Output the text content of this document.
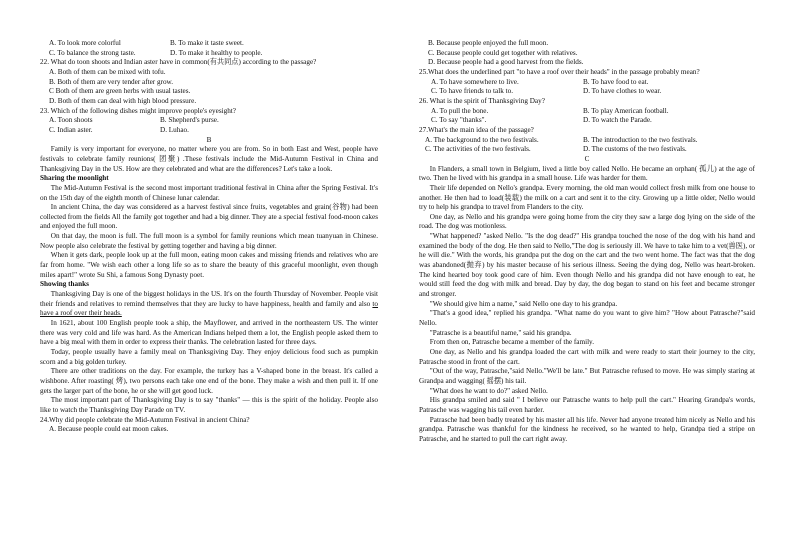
A. To look more colorful	B. To make it taste sweet.
C. To balance the strong taste.	D. To make it healthy to people.

22. What do toon shoots and Indian aster have in common(有共同点) according to the passage?

A. Both of them can be mixed with tofu.

B. Both of them are very tender after grow.

C Both of them are green herbs with usual tastes.

D. Both of them can deal with high blood pressure.

23. Which of the following dishes might improve people's eyesight?

A. Toon shoots	B. Shepherd's purse.
C. Indian aster.	D. Luhao.

B

Family is very important for everyone, no matter where you are from. So in both East and West, people have festivals to celebrate family reunions( 团聚) .These festivals include the Mid-Autumn Festival in China and Thanksgiving Day in the US. How are they celebrated and what are the differences? Let's take a look.

Sharing the moonlight

The Mid-Autumn Festival is the second most important traditional festival in China after the Spring Festival. It's on the 15th day of the eighth month of Chinese lunar calendar.

In ancient China, the day was considered as a harvest festival since fruits, vegetables and grain(谷物) had been collected from the fields All the family got together and had a big dinner. They ate a special festival food-moon cakes and enjoyed the full moon.

On that day, the moon is full. The full moon is a symbol for family reunions which mean tuanyuan in Chinese. Now people also celebrate the festival by getting together and having a big dinner.

When it gets dark, people look up at the full moon, eating moon cakes and missing friends and relatives who are far from home. "We wish each other a long life so as to share the beauty of this graceful moonlight, even though miles apart!" wrote Su Shi, a famous Song Dynasty poet.

Showing thanks

Thanksgiving Day is one of the biggest holidays in the US. It's on the fourth Thursday of November. People visit their friends and relatives to remind themselves that they are lucky to have happiness, health and family and also to have a roof over their heads.

In 1621, about 100 English people took a ship, the Mayflower, and arrived in the northeastern US. The winter there was very cold and life was hard. As the American Indians helped them a lot, the English people asked them to have a big meal with them in order to express their thanks. The celebration lasted for three days.

Today, people usually have a family meal on Thanksgiving Day. They enjoy delicious food such as pumpkin scorn and a big golden turkey.

There are other traditions on the day. For example, the turkey has a V-shaped bone in the breast. It's called a wishbone. After roasting( 烤), two persons each take one end of the bone. They make a wish and then pull it. If one gets the larger part of the bone, he or she will get good luck.

The most important part of Thanksgiving Day is to say "thanks" — this is the spirit of the holiday. People also like to watch the Thanksgiving Day Parade on TV.

24.Why did people celebrate the Mid-Autumn Festival in ancient China?

A. Because people could eat moon cakes.

B. Because people enjoyed the full moon.

C. Because people could get together with relatives.

D. Because people had a good harvest from the fields.

25.What does the underlined part "to have a roof over their heads" in the passage probably mean?

A. To have somewhere to live.	B. To have food to eat.
C. To have friends to talk to.	D. To have clothes to wear.

26. What is the spirit of Thanksgiving Day?

A. To pull the bone.	B. To play American football.
C. To say "thanks".	D. To watch the Parade.

27.What's the main idea of the passage?

A. The background to the two festivals.	B. The introduction to the two festivals.
C. The activities of the two festivals.	D. The customs of the two festivals.

C

In Flanders, a small town in Belgium, lived a little boy called Nello. He became an orphan( 孤儿) at the age of two. Then he lived with his grandpa in a small house. Life was harder for them.

Their life depended on Nello's grandpa. Every morning, the old man would collect fresh milk from one house to another. He then had to load(装载) the milk on a cart and sent it to the city. Growing up a little older, Nello would try to help his grandpa to travel from Flanders to the city.

One day, as Nello and his grandpa were going home from the city they saw a large dog lying on the side of the road. The dog was motionless.

"What happened? "asked Nello. "Is the dog dead?" His grandpa touched the nose of the dog with his hand and examined the body of the dog. He then said to Nello,"The dog is seriously ill. We have to take him to a vet(兽医), or he will die." With the words, his grandpa put the dog on the cart and the two went home. The fact was that the dog was abandoned(抛弃) by his master because of his serious illness. Seeing the dying dog, Nello was heart-broken. The kind hearted boy took good care of him. Even though Nello and his grandpa did not have enough to eat, he would still feed the dog with milk and bread. Day by day, the dog began to stand on his feet and became stronger and stronger.

"We should give him a name," said Nello one day to his grandpa.

"That's a good idea," replied his grandpa. "What name do you want to give him? "How about Patrasche?"said Nello.

"Patrasche is a beautiful name," said his grandpa.

From then on, Patrasche became a member of the family.

One day, as Nello and his grandpa loaded the cart with milk and were ready to start their journey to the city, Patrasche stood in front of the cart.

"Out of the way, Patrasche,"said Nello."We'll be late." But Patrasche refused to move. He was simply staring at Grandpa and wagging( 摇摆) his tail.

"What does he want to do?" asked Nello.

His grandpa smiled and said " I believe our Patrasche wants to help pull the cart." Hearing Grandpa's words, Patrasche was wagging his tail even harder.

Patrasche had been badly treated by his master all his life. Never had anyone treated him nicely as Nello and his grandpa. Patrasche was thankful for the kindness he received, so he wanted to help, Grandpa tied a stripe on Patrasche, and he started to pull the cart right away.
